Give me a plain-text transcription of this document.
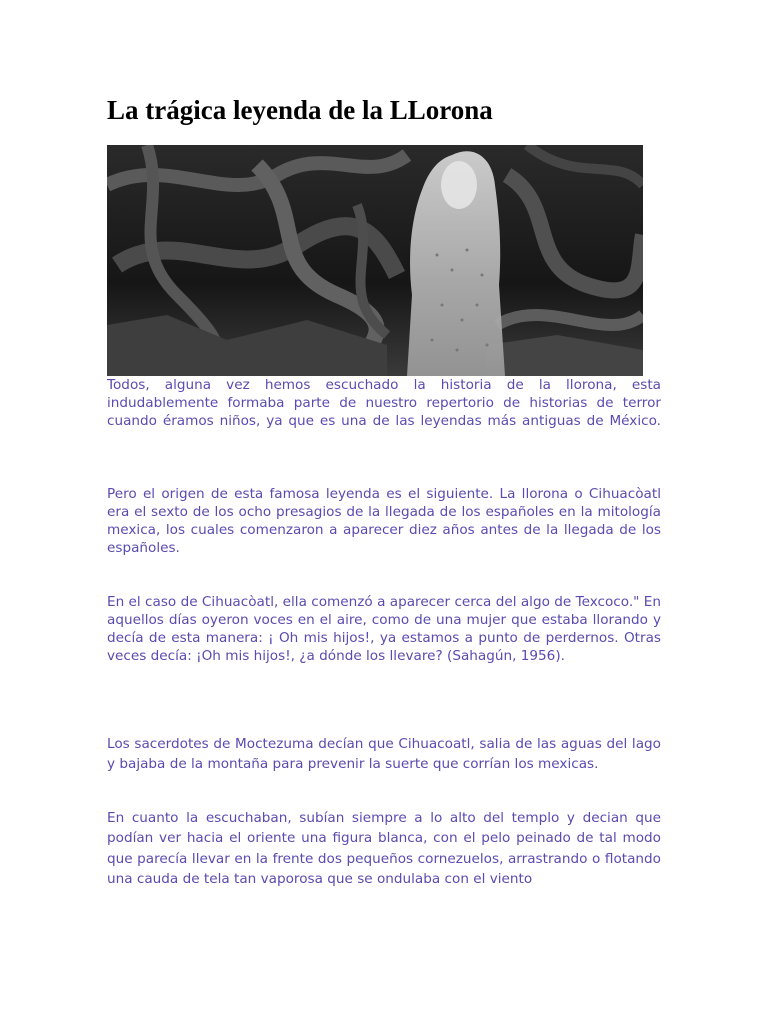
La trágica leyenda de la LLorona

Todos, alguna vez hemos escuchado la historia de la llorona, esta indudablemente formaba parte de nuestro repertorio de historias de terror cuando éramos niños, ya que es una de las leyendas más antiguas de México.

Pero el origen de esta famosa leyenda es el siguiente. La llorona o Cihuacòatl era el sexto de los ocho presagios de la llegada de los españoles en la mitología mexica, los cuales comenzaron a aparecer diez años antes de la llegada de los españoles.

En el caso de Cihuacòatl, ella comenzó a aparecer cerca del algo de Texcoco." En aquellos días oyeron voces en el aire, como de una mujer que estaba llorando y decía de esta manera: ¡ Oh mis hijos!, ya estamos a punto de perdernos. Otras veces decía: ¡Oh mis hijos!, ¿a dónde los llevare? (Sahagún, 1956).

Los sacerdotes de Moctezuma decían que Cihuacoatl, salia de las aguas del lago y bajaba de la montaña para prevenir la suerte que corrían los mexicas.

En cuanto la escuchaban, subían siempre a lo alto del templo y decian que podían ver hacia el oriente una figura blanca, con el pelo peinado de tal modo que parecía llevar en la frente dos pequeños cornezuelos, arrastrando o flotando una cauda de tela tan vaporosa que se ondulaba con el viento
